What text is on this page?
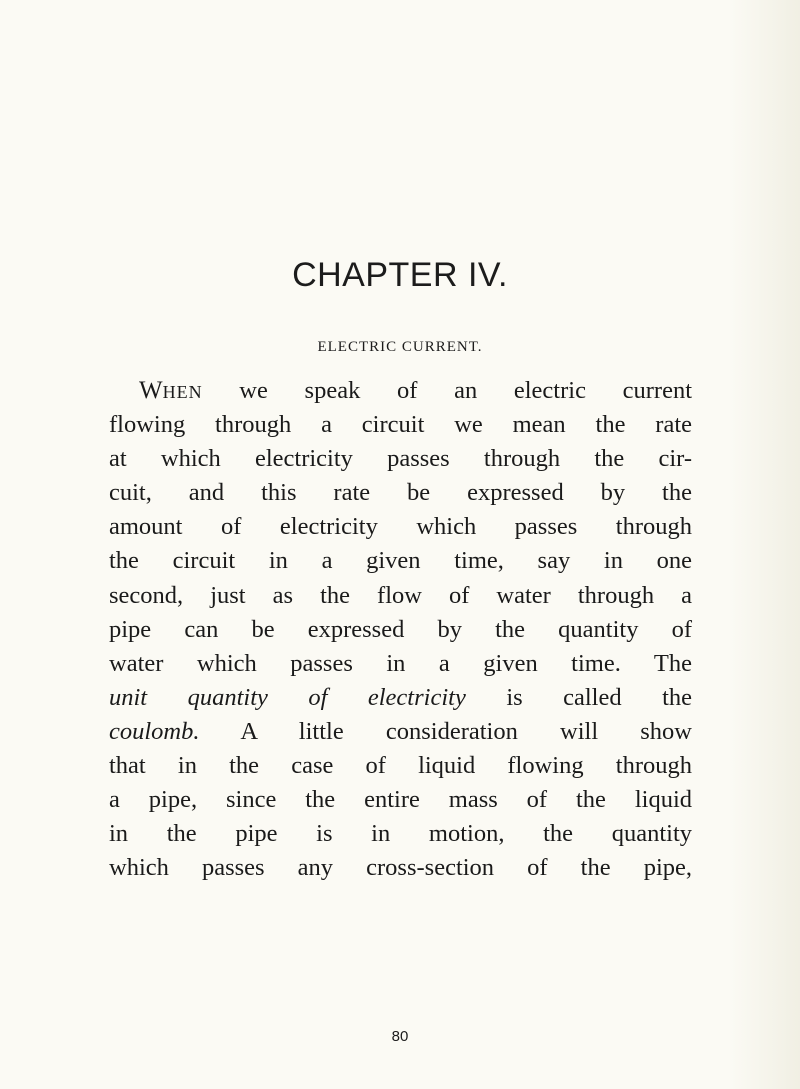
CHAPTER IV.
ELECTRIC CURRENT.
WHEN we speak of an electric current
flowing through a circuit we mean the rate
at which electricity passes through the cir-
cuit, and this rate be expressed by the
amount of electricity which passes through
the circuit in a given time, say in one
second, just as the flow of water through a
pipe can be expressed by the quantity of
water which passes in a given time. The
unit quantity of electricity is called the
coulomb. A little consideration will show
that in the case of liquid flowing through
a pipe, since the entire mass of the liquid
in the pipe is in motion, the quantity
which passes any cross-section of the pipe,
80
